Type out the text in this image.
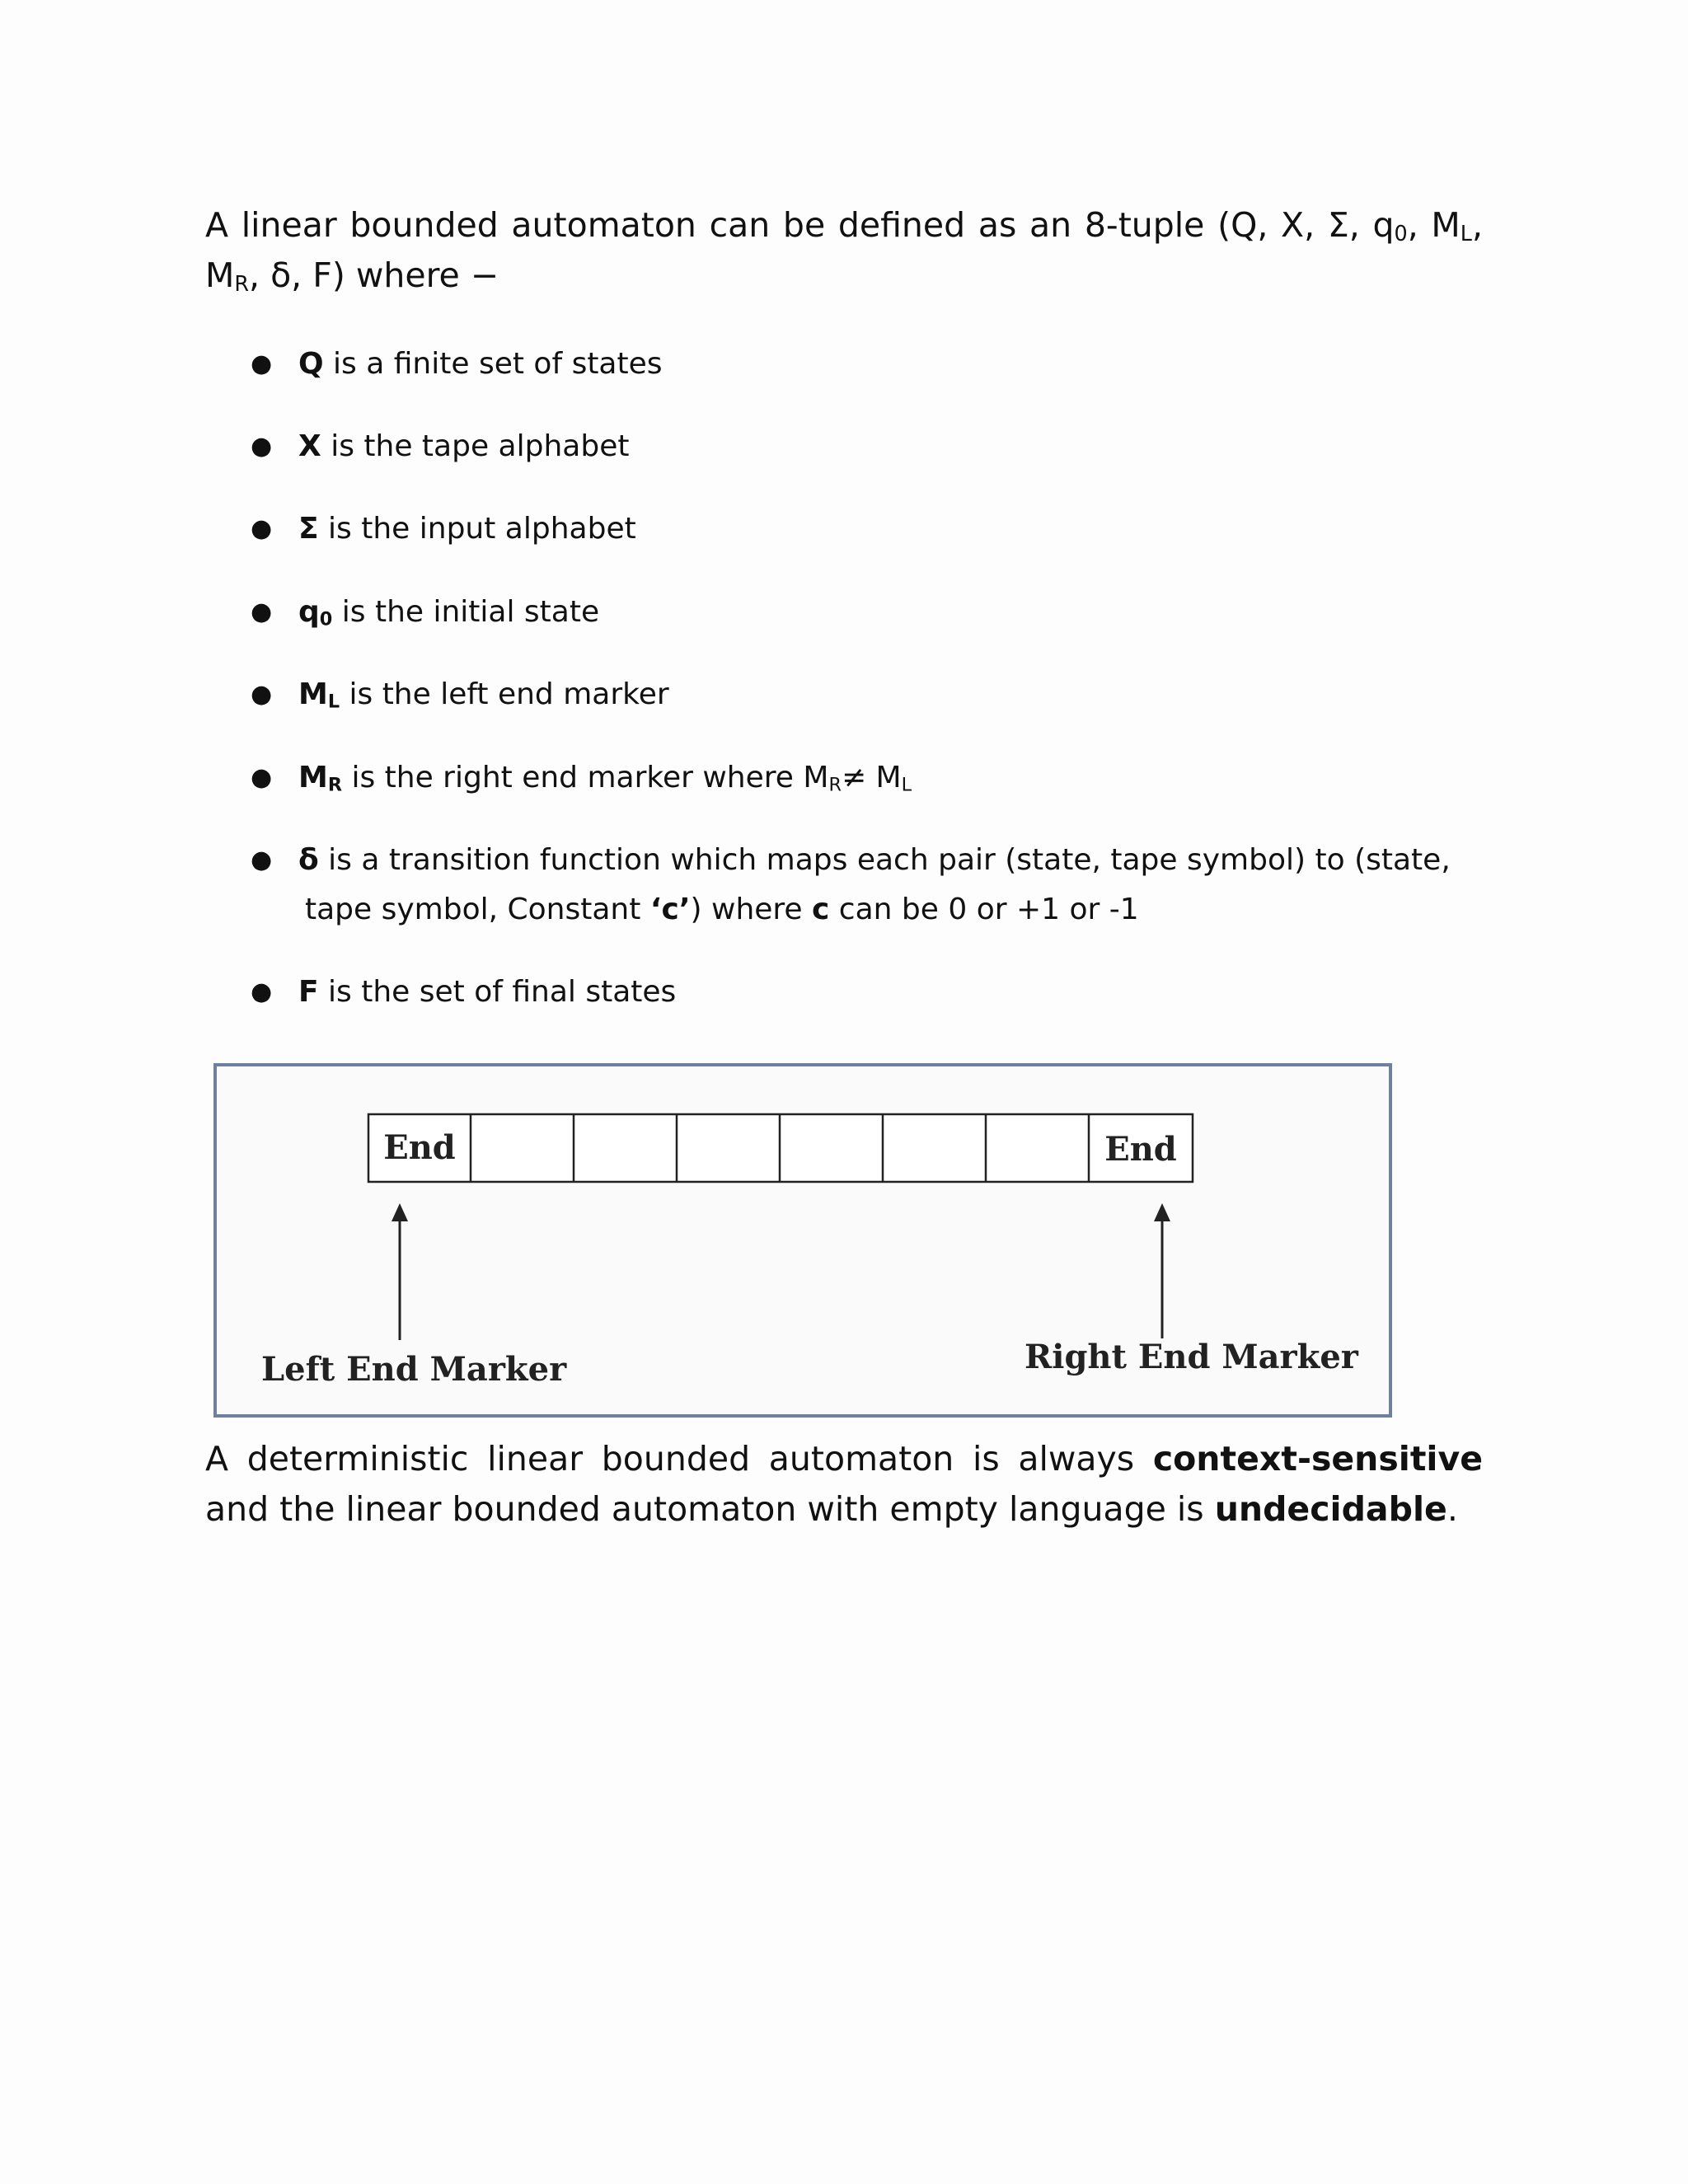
A linear bounded automaton can be defined as an 8-tuple (Q, X, Σ, $q_0$, $M_L$, $M_R$, δ, F) where −

● Q is a finite set of states
● X is the tape alphabet
● Σ is the input alphabet
● $q_0$ is the initial state
● $M_L$ is the left end marker
● $M_R$ is the right end marker where $M_R\ne M_L$
● δ is a transition function which maps each pair (state, tape symbol) to (state,
tape symbol, Constant ‘c’) where c can be 0 or +1 or -1
● F is the set of final states
End	End
Left End Marker	Right End Marker

A deterministic linear bounded automaton is always context-sensitive and the linear bounded automaton with empty language is undecidable.
